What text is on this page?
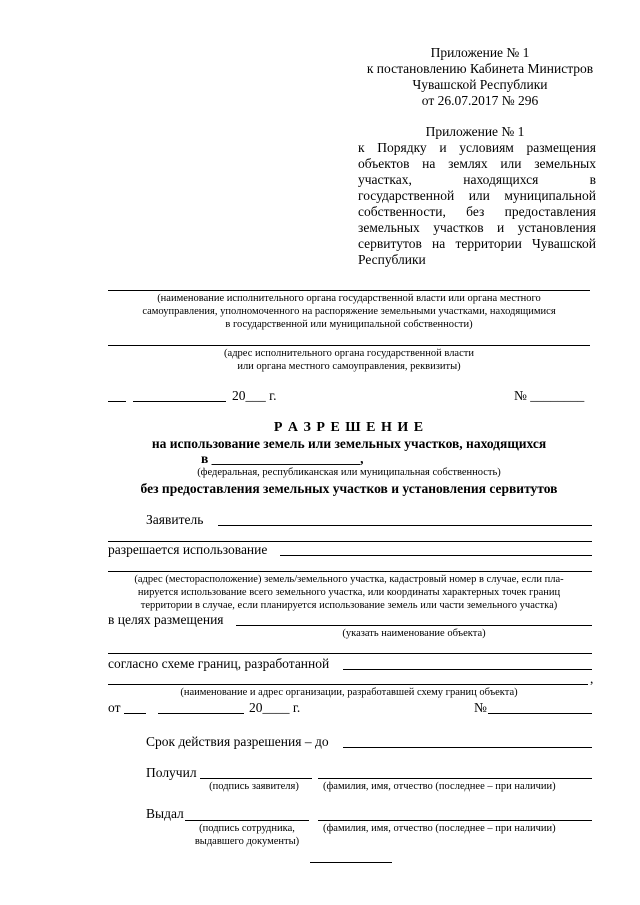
Приложение № 1
к постановлению Кабинета Министров
Чувашской Республики
от 26.07.2017 № 296
Приложение № 1
к Порядку и условиям размещения объектов на землях или земельных участках, находящихся в государственной или муниципальной собственности, без предоставления земельных участков и установления сервитутов на территории Чувашской Республики
(наименование исполнительного органа государственной власти или органа местного
самоуправления, уполномоченного на распоряжение земельными участками, находящимися
в государственной или муниципальной собственности)
(адрес исполнительного органа государственной власти
или органа местного самоуправления, реквизиты)
20___ г.	№ ________
Р А З Р Е Ш Е Н И Е
на использование земель или земельных участков, находящихся
в ______________________,
(федеральная, республиканская или муниципальная собственность)
без предоставления земельных участков и установления сервитутов
Заявитель
разрешается использование
(адрес (месторасположение) земель/земельного участка, кадастровый номер в случае, если пла-
нируется использование всего земельного участка, или координаты характерных точек границ
территории в случае, если планируется использование земель или части земельного участка)
в целях размещения
(указать наименование объекта)
согласно схеме границ, разработанной
,
(наименование и адрес организации, разработавшей схему границ объекта)
от	20____ г.	№
Срок действия разрешения – до
Получил
(подпись заявителя)	(фамилия, имя, отчество (последнее – при наличии)
Выдал
(подпись сотрудника,
выдавшего документы)
(фамилия, имя, отчество (последнее – при наличии)
